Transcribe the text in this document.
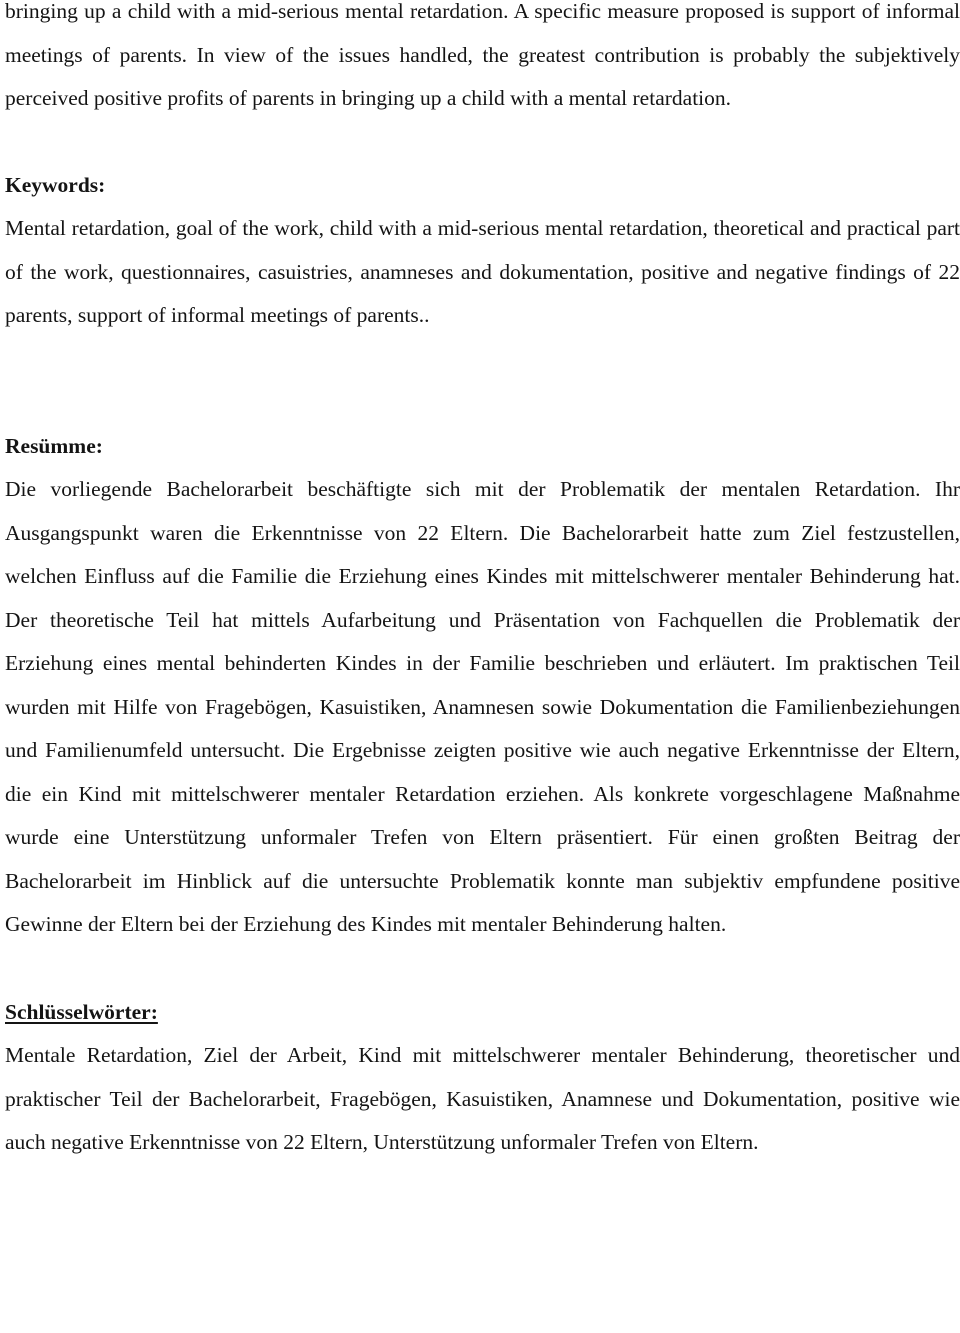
bringing up a child with a mid-serious mental retardation. A specific measure proposed is support of informal meetings of parents. In view of the issues handled, the greatest contribution is probably the subjektively perceived positive profits of parents in bringing up a child with a mental retardation.

Keywords:

Mental retardation, goal of the work, child with a mid-serious mental retardation, theoretical and practical part of the work, questionnaires, casuistries, anamneses and dokumentation, positive and negative findings of 22 parents, support of informal meetings of parents..

Resümme:

Die vorliegende Bachelorarbeit beschäftigte sich mit der Problematik der mentalen Retardation. Ihr Ausgangspunkt waren die Erkenntnisse von 22 Eltern. Die Bachelorarbeit hatte zum Ziel festzustellen, welchen Einfluss auf die Familie die Erziehung eines Kindes mit mittelschwerer mentaler Behinderung hat. Der theoretische Teil hat mittels Aufarbeitung und Präsentation von Fachquellen die Problematik der Erziehung eines mental behinderten Kindes in der Familie beschrieben und erläutert. Im praktischen Teil wurden mit Hilfe von Fragebögen, Kasuistiken, Anamnesen sowie Dokumentation die Familienbeziehungen und Familienumfeld untersucht. Die Ergebnisse zeigten positive wie auch negative Erkenntnisse der Eltern, die ein Kind mit mittelschwerer mentaler Retardation erziehen. Als konkrete vorgeschlagene Maßnahme wurde eine Unterstützung unformaler Trefen von Eltern präsentiert. Für einen großten Beitrag der Bachelorarbeit im Hinblick auf die untersuchte Problematik konnte man subjektiv empfundene positive Gewinne der Eltern bei der Erziehung des Kindes mit mentaler Behinderung halten.

Schlüsselwörter:

Mentale Retardation, Ziel der Arbeit, Kind mit mittelschwerer mentaler Behinderung, theoretischer und praktischer Teil der Bachelorarbeit, Fragebögen, Kasuistiken, Anamnese und Dokumentation, positive wie auch negative Erkenntnisse von 22 Eltern, Unterstützung unformaler Trefen von Eltern.
